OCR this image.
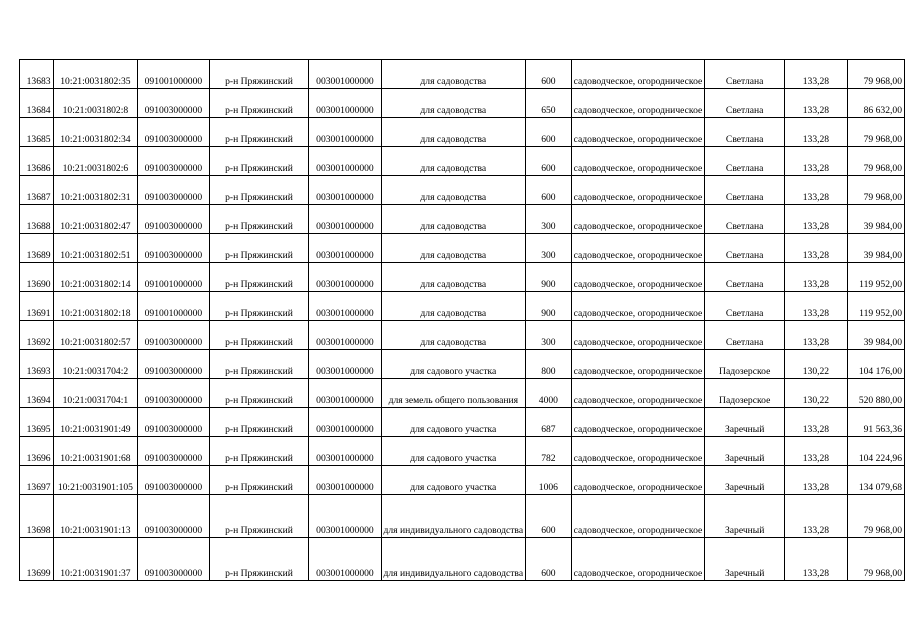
13683	10:21:0031802:35	091001000000	р-н Пряжинский	003001000000	для садоводства	600	садоводческое, огородническое	Светлана	133,28	79 968,00
13684	10:21:0031802:8	091003000000	р-н Пряжинский	003001000000	для садоводства	650	садоводческое, огородническое	Светлана	133,28	86 632,00
13685	10:21:0031802:34	091003000000	р-н Пряжинский	003001000000	для садоводства	600	садоводческое, огородническое	Светлана	133,28	79 968,00
13686	10:21:0031802:6	091003000000	р-н Пряжинский	003001000000	для садоводства	600	садоводческое, огородническое	Светлана	133,28	79 968,00
13687	10:21:0031802:31	091003000000	р-н Пряжинский	003001000000	для садоводства	600	садоводческое, огородническое	Светлана	133,28	79 968,00
13688	10:21:0031802:47	091003000000	р-н Пряжинский	003001000000	для садоводства	300	садоводческое, огородническое	Светлана	133,28	39 984,00
13689	10:21:0031802:51	091003000000	р-н Пряжинский	003001000000	для садоводства	300	садоводческое, огородническое	Светлана	133,28	39 984,00
13690	10:21:0031802:14	091001000000	р-н Пряжинский	003001000000	для садоводства	900	садоводческое, огородническое	Светлана	133,28	119 952,00
13691	10:21:0031802:18	091001000000	р-н Пряжинский	003001000000	для садоводства	900	садоводческое, огородническое	Светлана	133,28	119 952,00
13692	10:21:0031802:57	091003000000	р-н Пряжинский	003001000000	для садоводства	300	садоводческое, огородническое	Светлана	133,28	39 984,00
13693	10:21:0031704:2	091003000000	р-н Пряжинский	003001000000	для садового участка	800	садоводческое, огородническое	Падозерское	130,22	104 176,00
13694	10:21:0031704:1	091003000000	р-н Пряжинский	003001000000	для земель общего пользования	4000	садоводческое, огородническое	Падозерское	130,22	520 880,00
13695	10:21:0031901:49	091003000000	р-н Пряжинский	003001000000	для садового участка	687	садоводческое, огородническое	Заречный	133,28	91 563,36
13696	10:21:0031901:68	091003000000	р-н Пряжинский	003001000000	для садового участка	782	садоводческое, огородническое	Заречный	133,28	104 224,96
13697	10:21:0031901:105	091003000000	р-н Пряжинский	003001000000	для садового участка	1006	садоводческое, огородническое	Заречный	133,28	134 079,68
13698	10:21:0031901:13	091003000000	р-н Пряжинский	003001000000	для индивидуального садоводства	600	садоводческое, огородническое	Заречный	133,28	79 968,00
13699	10:21:0031901:37	091003000000	р-н Пряжинский	003001000000	для индивидуального садоводства	600	садоводческое, огородническое	Заречный	133,28	79 968,00
